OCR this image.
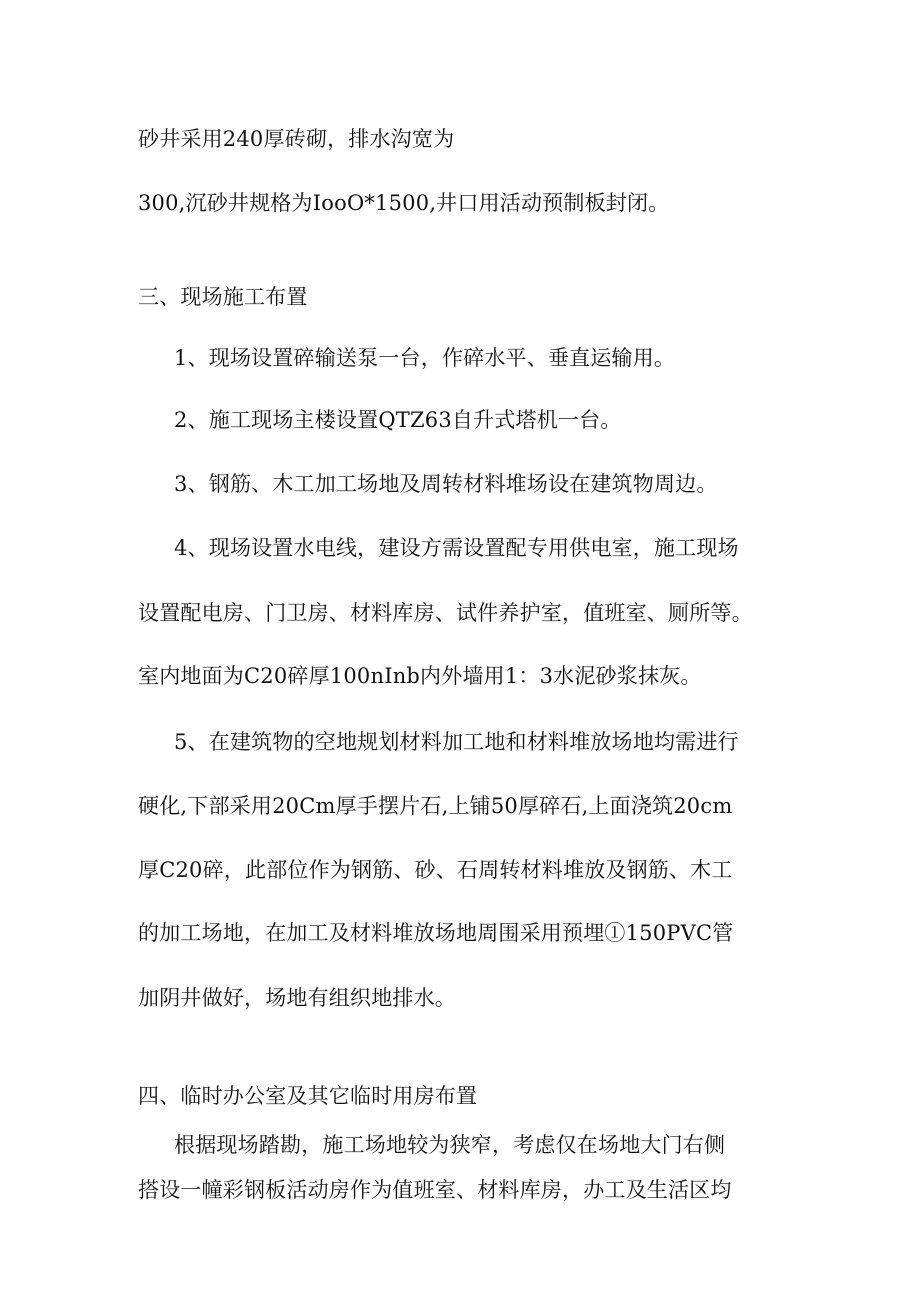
砂井采用240厚砖砌，排水沟宽为
300,沉砂井规格为IooO*1500,井口用活动预制板封闭。
三、现场施工布置
1、现场设置碎输送泵一台，作碎水平、垂直运输用。
2、施工现场主楼设置QTZ63自升式塔机一台。
3、钢筋、木工加工场地及周转材料堆场设在建筑物周边。
4、现场设置水电线，建设方需设置配专用供电室，施工现场
设置配电房、门卫房、材料库房、试件养护室，值班室、厕所等。
室内地面为C20碎厚100nInb内外墙用1：3水泥砂浆抹灰。
5、在建筑物的空地规划材料加工地和材料堆放场地均需进行
硬化,下部采用20Cm厚手摆片石,上铺50厚碎石,上面浇筑20cm
厚C20碎，此部位作为钢筋、砂、石周转材料堆放及钢筋、木工
的加工场地，在加工及材料堆放场地周围采用预埋①150PVC管
加阴井做好，场地有组织地排水。
四、临时办公室及其它临时用房布置
根据现场踏勘，施工场地较为狭窄，考虑仅在场地大门右侧
搭设一幢彩钢板活动房作为值班室、材料库房，办工及生活区均
